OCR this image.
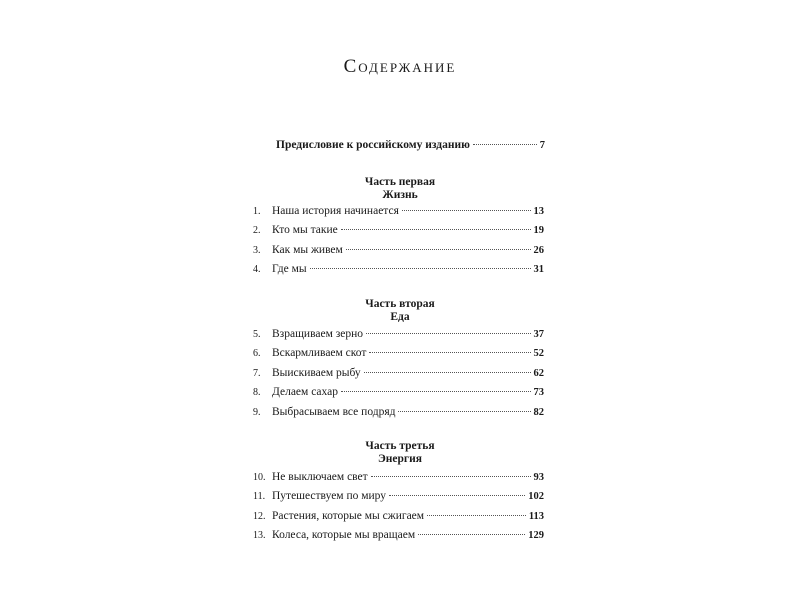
Содержание
Предисловие к российскому изданию	7
Часть первая
Жизнь
1.	Наша история начинается	13
2.	Кто мы такие	19
3.	Как мы живем	26
4.	Где мы	31
Часть вторая
Еда
5.	Взращиваем зерно	37
6.	Вскармливаем скот	52
7.	Выискиваем рыбу	62
8.	Делаем сахар	73
9.	Выбрасываем все подряд	82
Часть третья
Энергия
10. Не выключаем свет	93
11. Путешествуем по миру	102
12. Растения, которые мы сжигаем	113
13. Колеса, которые мы вращаем	129
